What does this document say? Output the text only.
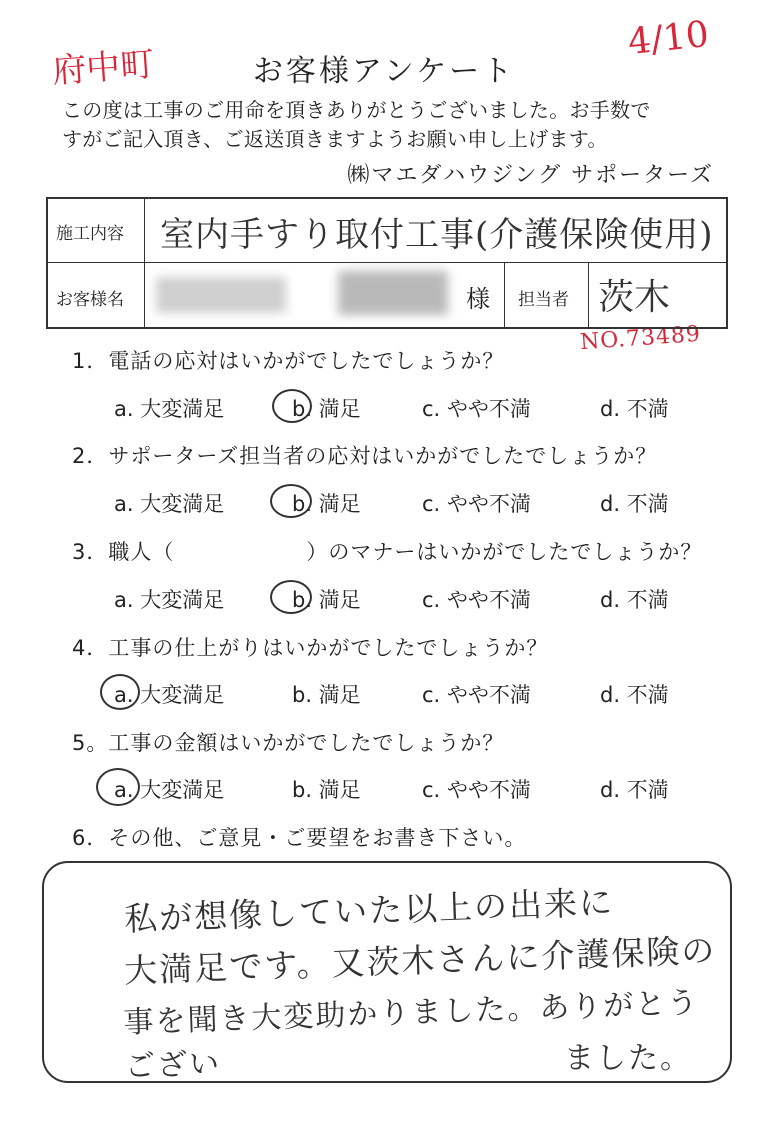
府中町
4/10
NO.73489
お客様アンケート
この度は工事のご用命を頂きありがとうございました。お手数で
すがご記入頂き、ご返送頂きますようお願い申し上げます。
㈱マエダハウジング サポーターズ
施工内容 室内手すり取付工事(介護保険使用)
お客様名	様 担当者 茨木
1．電話の応対はいかがでしたでしょうか？
a. 大変満足	b. 満足	c. やや不満	d. 不満
2．サポーターズ担当者の応対はいかがでしたでしょうか？
a. 大変満足	b. 満足	c. やや不満	d. 不満
3．職人（　　　　　　）のマナーはいかがでしたでしょうか？
a. 大変満足	b. 満足	c. やや不満	d. 不満
4．工事の仕上がりはいかがでしたでしょうか？
a. 大変満足	b. 満足	c. やや不満	d. 不満
5。工事の金額はいかがでしたでしょうか？
a. 大変満足	b. 満足	c. やや不満	d. 不満
6．その他、ご意見・ご要望をお書き下さい。
私が想像していた以上の出来に
大満足です。又茨木さんに介護保険の
事を聞き大変助かりました。ありがとうござい	ました。
